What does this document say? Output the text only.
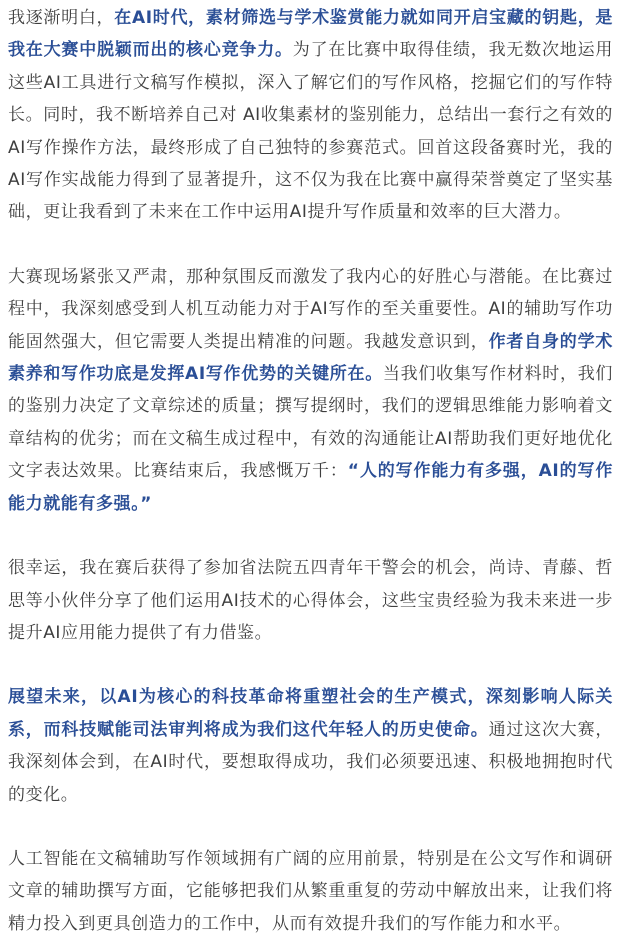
我逐渐明白，在AI时代，素材筛选与学术鉴赏能力就如同开启宝藏的钥匙，是我在大赛中脱颖而出的核心竞争力。为了在比赛中取得佳绩，我无数次地运用这些AI工具进行文稿写作模拟，深入了解它们的写作风格，挖掘它们的写作特长。同时，我不断培养自己对 AI收集素材的鉴别能力，总结出一套行之有效的AI写作操作方法，最终形成了自己独特的参赛范式。回首这段备赛时光，我的AI写作实战能力得到了显著提升，这不仅为我在比赛中赢得荣誉奠定了坚实基础，更让我看到了未来在工作中运用AI提升写作质量和效率的巨大潜力。

大赛现场紧张又严肃，那种氛围反而激发了我内心的好胜心与潜能。在比赛过程中，我深刻感受到人机互动能力对于AI写作的至关重要性。AI的辅助写作功能固然强大，但它需要人类提出精准的问题。我越发意识到，作者自身的学术素养和写作功底是发挥AI写作优势的关键所在。当我们收集写作材料时，我们的鉴别力决定了文章综述的质量；撰写提纲时，我们的逻辑思维能力影响着文章结构的优劣；而在文稿生成过程中，有效的沟通能让AI帮助我们更好地优化文字表达效果。比赛结束后，我感慨万千：“人的写作能力有多强，AI的写作能力就能有多强。”

很幸运，我在赛后获得了参加省法院五四青年干警会的机会，尚诗、青藤、哲思等小伙伴分享了他们运用AI技术的心得体会，这些宝贵经验为我未来进一步提升AI应用能力提供了有力借鉴。

展望未来，以AI为核心的科技革命将重塑社会的生产模式，深刻影响人际关系，而科技赋能司法审判将成为我们这代年轻人的历史使命。通过这次大赛，我深刻体会到，在AI时代，要想取得成功，我们必须要迅速、积极地拥抱时代的变化。

人工智能在文稿辅助写作领域拥有广阔的应用前景，特别是在公文写作和调研文章的辅助撰写方面，它能够把我们从繁重重复的劳动中解放出来，让我们将精力投入到更具创造力的工作中，从而有效提升我们的写作能力和水平。
